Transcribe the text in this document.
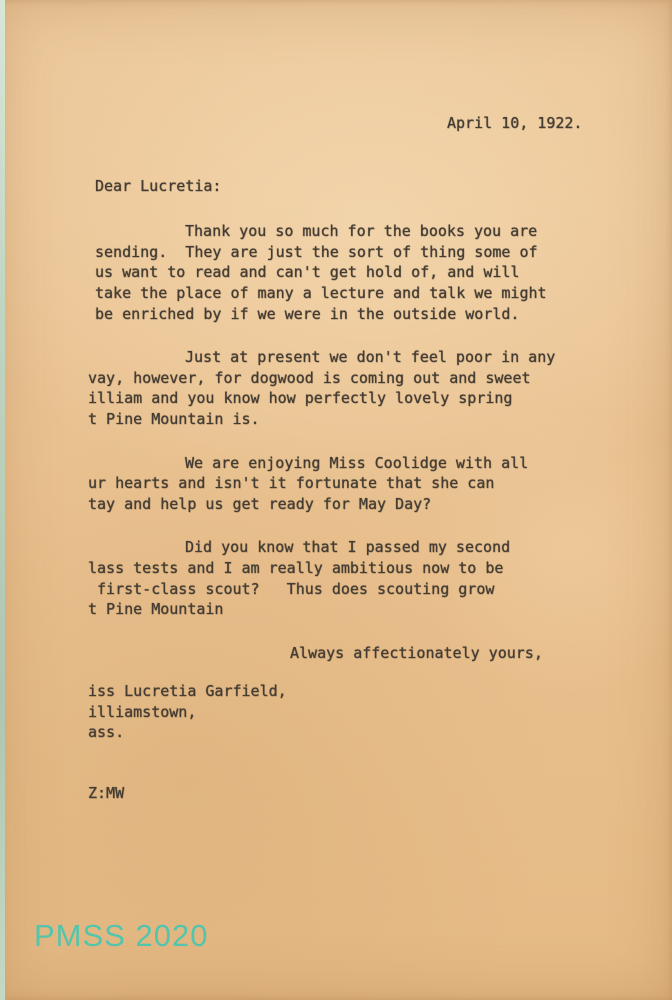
April 10, 1922.
Dear Lucretia:
Thank you so much for the books you are
sending.  They are just the sort of thing some of
us want to read and can't get hold of, and will
take the place of many a lecture and talk we might
be enriched by if we were in the outside world.
Just at present we don't feel poor in any
vay, however, for dogwood is coming out and sweet
illiam and you know how perfectly lovely spring
t Pine Mountain is.
We are enjoying Miss Coolidge with all
ur hearts and isn't it fortunate that she can
tay and help us get ready for May Day?
Did you know that I passed my second
lass tests and I am really ambitious now to be
first-class scout?   Thus does scouting grow
t Pine Mountain
Always affectionately yours,
iss Lucretia Garfield,
illiamstown,
ass.
Z:MW
PMSS 2020
